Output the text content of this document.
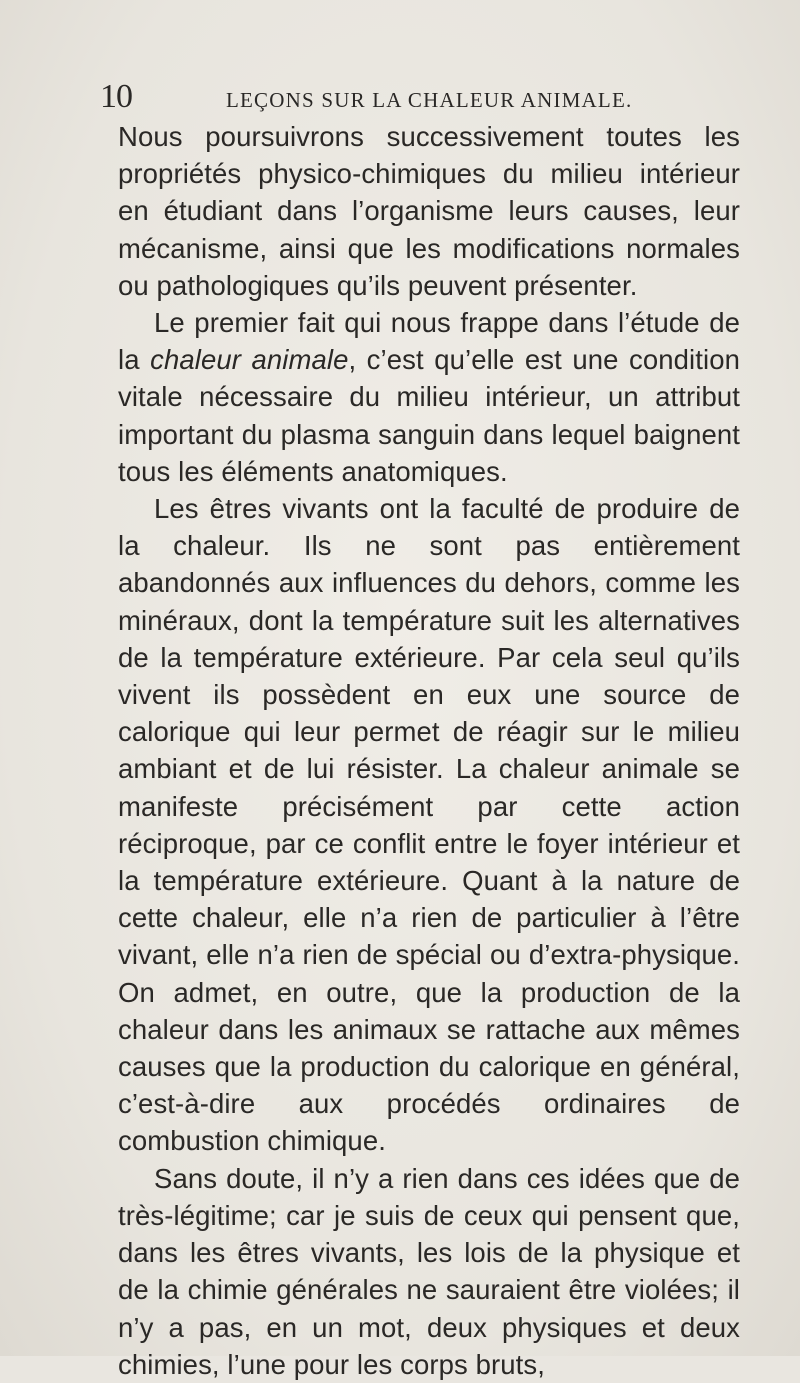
10	LEÇONS SUR LA CHALEUR ANIMALE.

Nous poursuivrons successivement toutes les propriétés physico-chimiques du milieu intérieur en étudiant dans l’organisme leurs causes, leur mécanisme, ainsi que les modifications normales ou pathologiques qu’ils peuvent présenter.

Le premier fait qui nous frappe dans l’étude de la chaleur animale, c’est qu’elle est une condition vitale nécessaire du milieu intérieur, un attribut important du plasma sanguin dans lequel baignent tous les éléments anatomiques.

Les êtres vivants ont la faculté de produire de la chaleur. Ils ne sont pas entièrement abandonnés aux influences du dehors, comme les minéraux, dont la température suit les alternatives de la température extérieure. Par cela seul qu’ils vivent ils possèdent en eux une source de calorique qui leur permet de réagir sur le milieu ambiant et de lui résister. La chaleur animale se manifeste précisément par cette action réciproque, par ce conflit entre le foyer intérieur et la température extérieure. Quant à la nature de cette chaleur, elle n’a rien de particulier à l’être vivant, elle n’a rien de spécial ou d’extra-physique. On admet, en outre, que la production de la chaleur dans les animaux se rattache aux mêmes causes que la production du calorique en général, c’est-à-dire aux procédés ordinaires de combustion chimique.

Sans doute, il n’y a rien dans ces idées que de très-légitime; car je suis de ceux qui pensent que, dans les êtres vivants, les lois de la physique et de la chimie générales ne sauraient être violées; il n’y a pas, en un mot, deux physiques et deux chimies, l’une pour les corps bruts,
